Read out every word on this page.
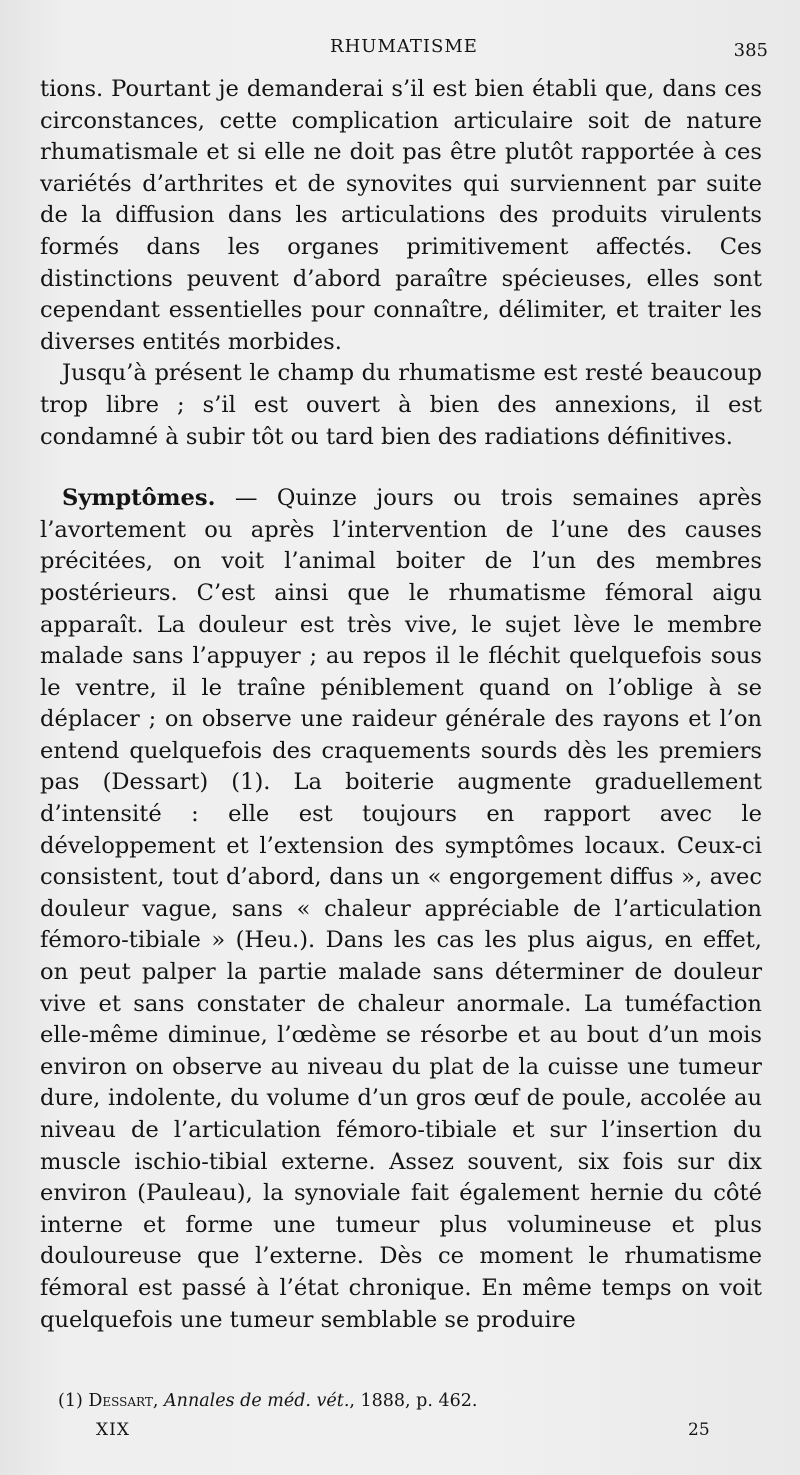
RHUMATISME	385

tions. Pourtant je demanderai s’il est bien établi que, dans ces circonstances, cette complication articulaire soit de nature rhumatismale et si elle ne doit pas être plutôt rapportée à ces variétés d’arthrites et de synovites qui surviennent par suite de la diffusion dans les articulations des produits virulents formés dans les organes primitivement affectés. Ces distinctions peuvent d’abord paraître spécieuses, elles sont cependant essentielles pour connaître, délimiter, et traiter les diverses entités morbides.

Jusqu’à présent le champ du rhumatisme est resté beaucoup trop libre ; s’il est ouvert à bien des annexions, il est condamné à subir tôt ou tard bien des radiations définitives.

Symptômes. — Quinze jours ou trois semaines après l’avortement ou après l’intervention de l’une des causes précitées, on voit l’animal boiter de l’un des membres postérieurs. C’est ainsi que le rhumatisme fémoral aigu apparaît. La douleur est très vive, le sujet lève le membre malade sans l’appuyer ; au repos il le fléchit quelquefois sous le ventre, il le traîne péniblement quand on l’oblige à se déplacer ; on observe une raideur générale des rayons et l’on entend quelquefois des craquements sourds dès les premiers pas (Dessart) (1). La boiterie augmente graduellement d’intensité : elle est toujours en rapport avec le développement et l’extension des symptômes locaux. Ceux-ci consistent, tout d’abord, dans un « engorgement diffus », avec douleur vague, sans « chaleur appréciable de l’articulation fémoro-tibiale » (Heu.). Dans les cas les plus aigus, en effet, on peut palper la partie malade sans déterminer de douleur vive et sans constater de chaleur anormale. La tuméfaction elle-même diminue, l’œdème se résorbe et au bout d’un mois environ on observe au niveau du plat de la cuisse une tumeur dure, indolente, du volume d’un gros œuf de poule, accolée au niveau de l’articulation fémoro-tibiale et sur l’insertion du muscle ischio-tibial externe. Assez souvent, six fois sur dix environ (Pauleau), la synoviale fait également hernie du côté interne et forme une tumeur plus volumineuse et plus douloureuse que l’externe. Dès ce moment le rhumatisme fémoral est passé à l’état chronique. En même temps on voit quelquefois une tumeur semblable se produire

(1) Dessart, Annales de méd. vét., 1888, p. 462.
XIX	25
